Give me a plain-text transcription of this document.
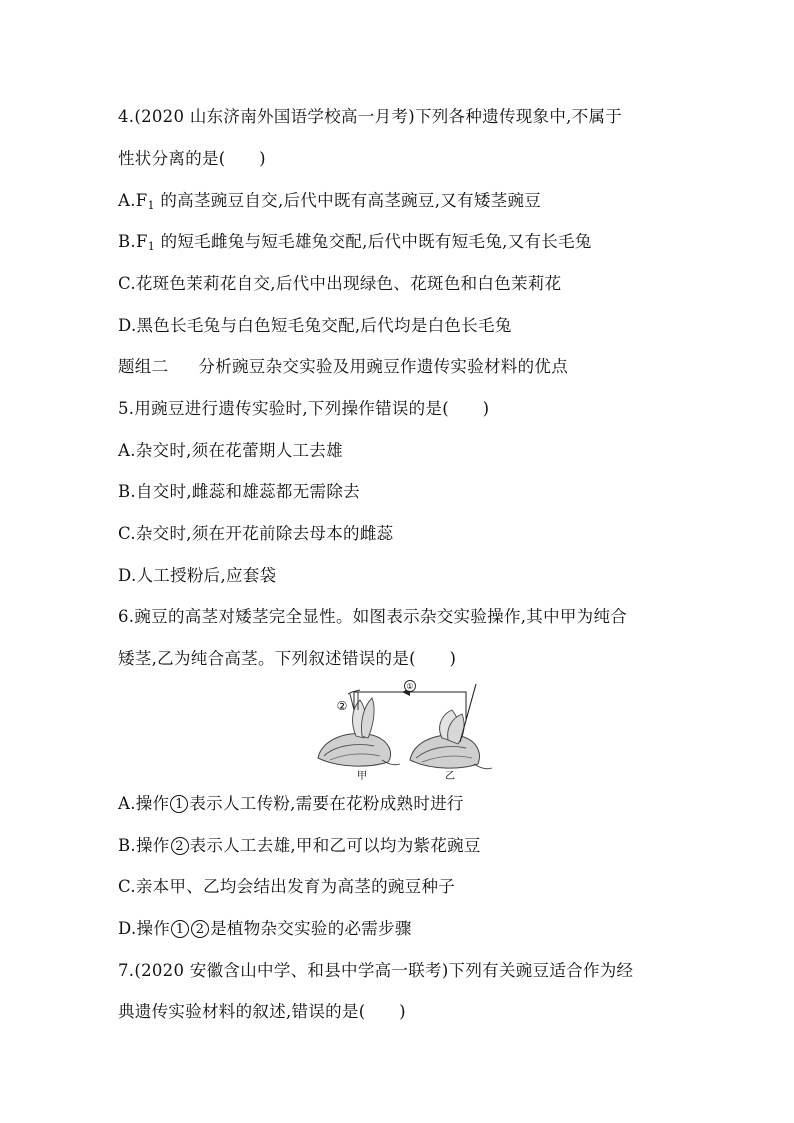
4.(2020 山东济南外国语学校高一月考)下列各种遗传现象中,不属于
性状分离的是(　　)
$A.F_1$ 的高茎豌豆自交,后代中既有高茎豌豆,又有矮茎豌豆
$B.F_1$ 的短毛雌兔与短毛雄兔交配,后代中既有短毛兔,又有长毛兔
C.花斑色茉莉花自交,后代中出现绿色、花斑色和白色茉莉花
D.黑色长毛兔与白色短毛兔交配,后代均是白色长毛兔
题组二 分析豌豆杂交实验及用豌豆作遗传实验材料的优点
5.用豌豆进行遗传实验时,下列操作错误的是(　　)
A.杂交时,须在花蕾期人工去雄
B.自交时,雌蕊和雄蕊都无需除去
C.杂交时,须在开花前除去母本的雌蕊
D.人工授粉后,应套袋
6.豌豆的高茎对矮茎完全显性。如图表示杂交实验操作,其中甲为纯合
矮茎,乙为纯合高茎。下列叙述错误的是(　　)
①
②
甲	乙
A.操作 1 表示人工传粉,需要在花粉成熟时进行
B.操作 2 表示人工去雄,甲和乙可以均为紫花豌豆
C.亲本甲、乙均会结出发育为高茎的豌豆种子
D.操作 1 2 是植物杂交实验的必需步骤
7.(2020 安徽含山中学、和县中学高一联考)下列有关豌豆适合作为经
典遗传实验材料的叙述,错误的是(　　)
